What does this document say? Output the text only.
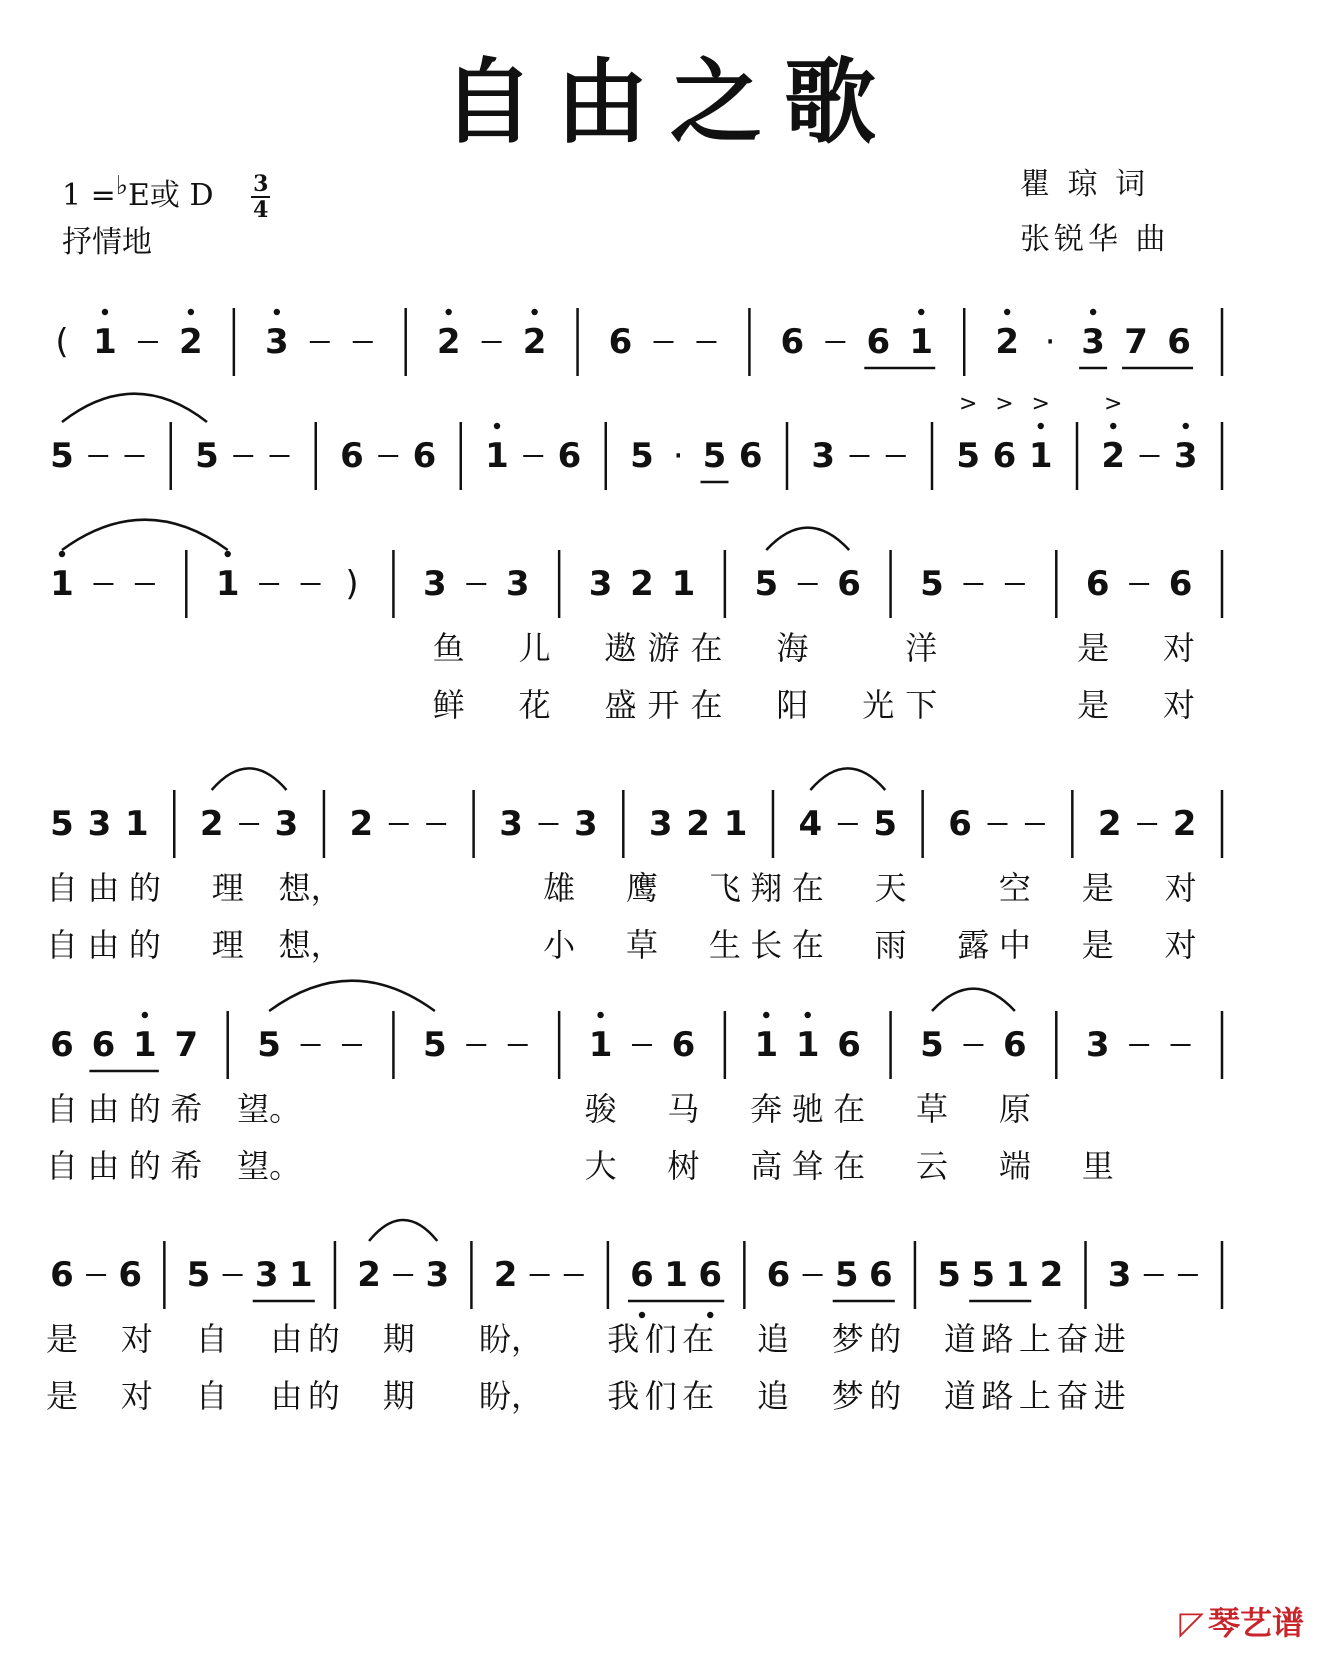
自由之歌
1 =♭E或 D $\frac{3}{4}$
抒情地
瞿 琼 词
张锐华 曲
( 1 2 3	2 2 6	6 6 1 2 · 3 7 6
5	5	6 6 1 6 5 · 5 6 3	5
>
6
>
1
>
2
>
3
1	1	) 3 3 3 2 1 5 6 5	6 6
鱼 儿 遨 游 在 海	洋	是 对
鲜 花 盛 开 在 阳 光 下	是 对
5 3 1 2 3 2	3 3 3 2 1 4 5 6	2 2
自 由 的 理 想，	雄 鹰 飞 翔 在 天	空 是 对
自 由 的 理 想，	小 草 生 长 在 雨 露 中 是 对
6 6 1 7 5	5	1 6 1 1 6 5 6 3
自 由 的 希 望。	骏 马 奔 驰 在 草 原
自 由 的 希 望。	大 树 高 耸 在 云 端 里
6 6 5 3 1 2 3 2	6 1 6 6 5 6 5 5 1 2 3
是 对 自 由 的 期 盼， 我 们 在 追 梦 的 道 路 上 奋 进
是 对 自 由 的 期 盼， 我 们 在 追 梦 的 道 路 上 奋 进
◸ 琴艺谱
